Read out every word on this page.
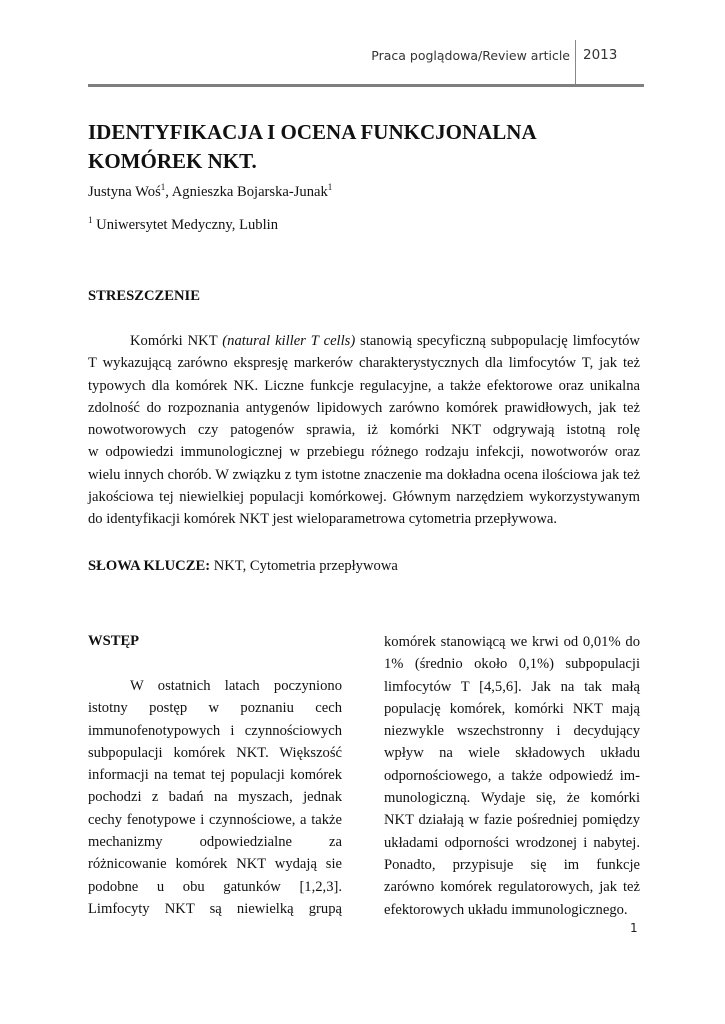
Praca poglądowa/Review article 2013
IDENTYFIKACJA I OCENA FUNKCJONALNA
KOMÓREK NKT.
Justyna Woś$^1$, Agnieszka Bojarska-Junak$^1$
$^1$ Uniwersytet Medyczny, Lublin
STRESZCZENIE
Komórki NKT (natural killer T cells) stanowią specyficzną subpopulację limfocytów
T wykazującą zarówno ekspresję markerów charakterystycznych dla limfocytów T, jak też
typowych dla komórek NK. Liczne funkcje regulacyjne, a także efektorowe oraz unikalna
zdolność do rozpoznania antygenów lipidowych zarówno komórek prawidłowych, jak też
nowotworowych czy patogenów sprawia, iż komórki NKT odgrywają istotną rolę
w odpowiedzi immunologicznej w przebiegu różnego rodzaju infekcji, nowotworów oraz
wielu innych chorób. W związku z tym istotne znaczenie ma dokładna ocena ilościowa jak też
jakościowa tej niewielkiej populacji komórkowej. Głównym narzędziem wykorzystywanym
do identyfikacji komórek NKT jest wieloparametrowa cytometria przepływowa.
SŁOWA KLUCZE: NKT, Cytometria przepływowa
WSTĘP
W ostatnich latach poczyniono
istotny postęp w poznaniu cech
immunofenotypowych i czynnościowych
subpopulacji komórek NKT. Większość
informacji na temat tej populacji komórek
pochodzi z badań na myszach, jednak
cechy fenotypowe i czynnościowe, a także
mechanizmy odpowiedzialne za
różnicowanie komórek NKT wydają sie
podobne u obu gatunków [1,2,3].
Limfocyty NKT są niewielką grupą
komórek stanowiącą we krwi od 0,01% do
1% (średnio około 0,1%) subpopulacji
limfocytów T [4,5,6]. Jak na tak małą
populację komórek, komórki NKT mają
niezwykle wszechstronny i decydujący
wpływ na wiele składowych układu
odpornościowego, a także odpowiedź im-
munologiczną. Wydaje się, że komórki
NKT działają w fazie pośredniej pomiędzy
układami odporności wrodzonej i nabytej.
Ponadto, przypisuje się im funkcje
zarówno komórek regulatorowych, jak też
efektorowych układu immunologicznego.
1
